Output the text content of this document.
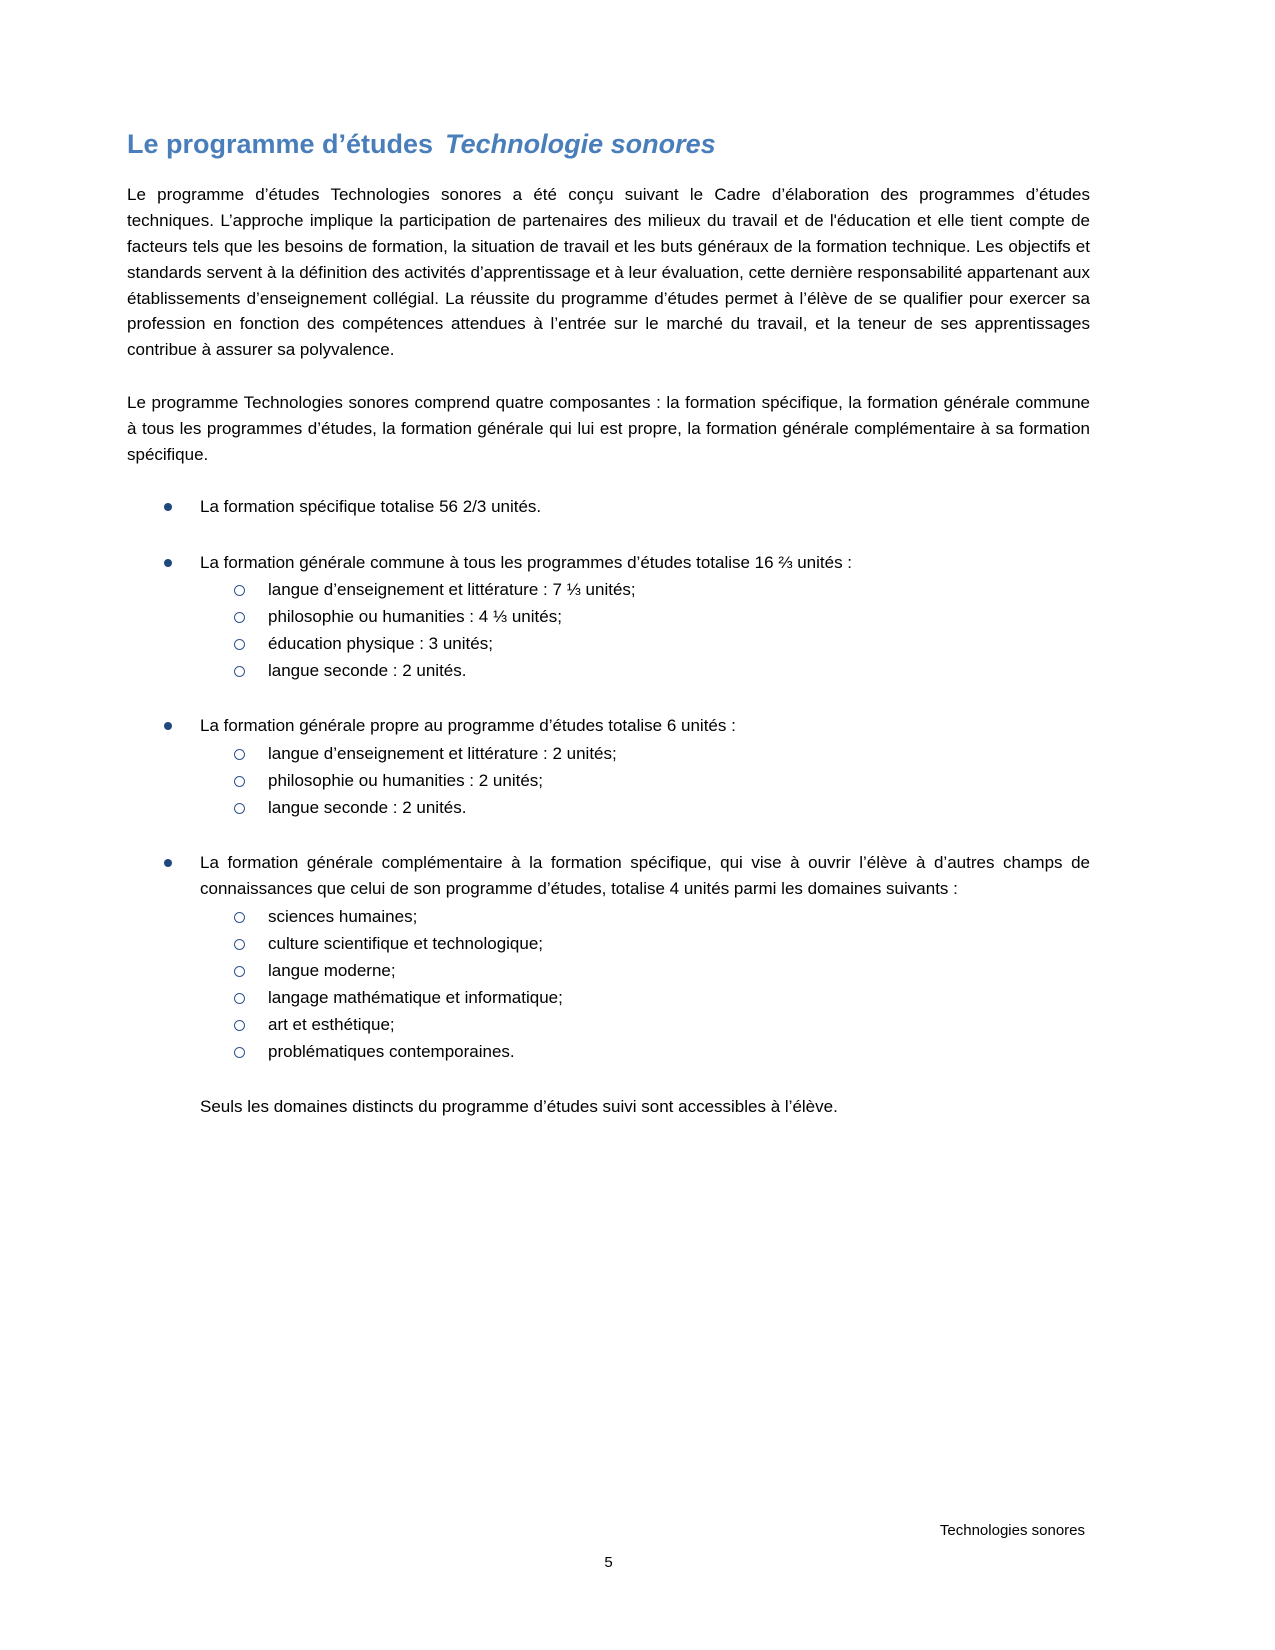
Le programme d’études Technologie sonores

Le programme d’études Technologies sonores a été conçu suivant le Cadre d’élaboration des programmes d’études techniques. L’approche implique la participation de partenaires des milieux du travail et de l'éducation et elle tient compte de facteurs tels que les besoins de formation, la situation de travail et les buts généraux de la formation technique. Les objectifs et standards servent à la définition des activités d’apprentissage et à leur évaluation, cette dernière responsabilité appartenant aux établissements d’enseignement collégial. La réussite du programme d’études permet à l’élève de se qualifier pour exercer sa profession en fonction des compétences attendues à l’entrée sur le marché du travail, et la teneur de ses apprentissages contribue à assurer sa polyvalence.

Le programme Technologies sonores comprend quatre composantes : la formation spécifique, la formation générale commune à tous les programmes d’études, la formation générale qui lui est propre, la formation générale complémentaire à sa formation spécifique.

La formation spécifique totalise 56 2/3 unités.
La formation générale commune à tous les programmes d’études totalise 16 ⅔ unités :
langue d’enseignement et littérature : 7 ⅓ unités;
philosophie ou humanities : 4 ⅓ unités;
éducation physique : 3 unités;
langue seconde : 2 unités.
La formation générale propre au programme d’études totalise 6 unités :
langue d’enseignement et littérature : 2 unités;
philosophie ou humanities : 2 unités;
langue seconde : 2 unités.
La formation générale complémentaire à la formation spécifique, qui vise à ouvrir l’élève à d’autres champs de connaissances que celui de son programme d’études, totalise 4 unités parmi les domaines suivants :
sciences humaines;
culture scientifique et technologique;
langue moderne;
langage mathématique et informatique;
art et esthétique;
problématiques contemporaines.

Seuls les domaines distincts du programme d’études suivi sont accessibles à l’élève.

Technologies sonores
5
